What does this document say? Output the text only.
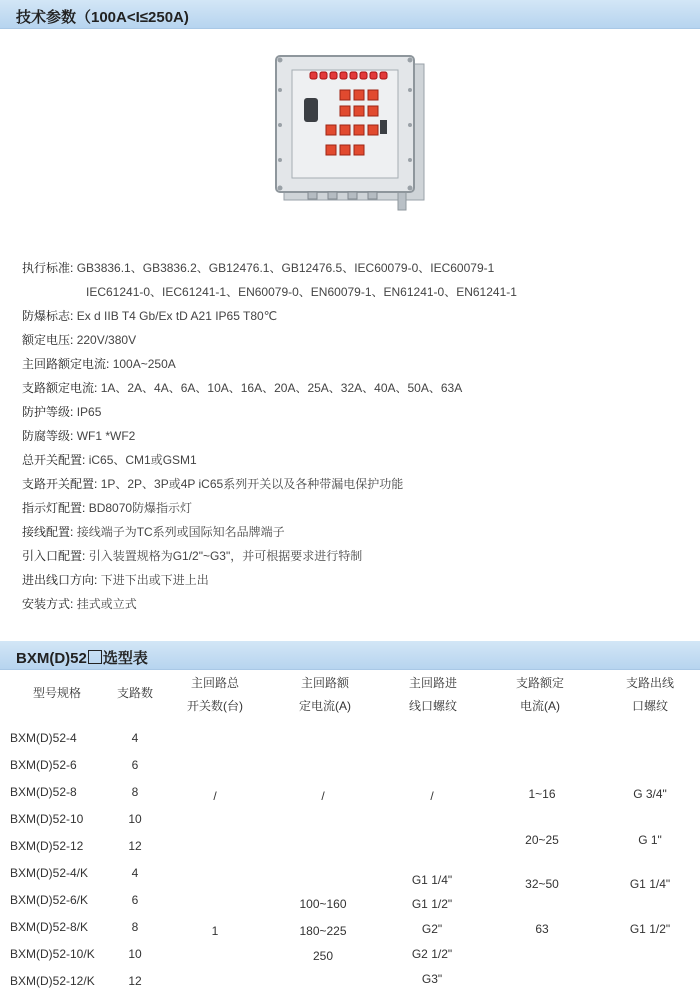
技术参数（100A<I≤250A)
执行标准: GB3836.1、GB3836.2、GB12476.1、GB12476.5、IEC60079-0、IEC60079-1
IEC61241-0、IEC61241-1、EN60079-0、EN60079-1、EN61241-0、EN61241-1
防爆标志: Ex d IIB T4 Gb/Ex tD A21 IP65 T80℃
额定电压: 220V/380V
主回路额定电流: 100A~250A
支路额定电流: 1A、2A、4A、6A、10A、16A、20A、25A、32A、40A、50A、63A
防护等级: IP65
防腐等级: WF1 *WF2
总开关配置: iC65、CM1或GSM1
支路开关配置: 1P、2P、3P或4P iC65系列开关以及各种带漏电保护功能
指示灯配置: BD8070防爆指示灯
接线配置: 接线端子为TC系列或国际知名品牌端子
引入口配置: 引入装置规格为G1/2"~G3"，并可根据要求进行特制
进出线口方向: 下进下出或下进上出
安装方式: 挂式或立式
BXM(D)52 选型表
型号规格	支路数
主回路总
开关数(台)
主回路额
定电流(A)
主回路进
线口螺纹
支路额定
电流(A)
支路出线
口螺纹
BXM(D)52-4
BXM(D)52-6
BXM(D)52-8
BXM(D)52-10
BXM(D)52-12
BXM(D)52-4/K
BXM(D)52-6/K
BXM(D)52-8/K
BXM(D)52-10/K
BXM(D)52-12/K
4
6
8
10
12
4
6
8
10
12
/
1
/
100~160
180~225
250
/
G1 1/4"
G1 1/2"
G2"
G2 1/2"
G3"
1~16
20~25
32~50
63
G 3/4"
G 1"
G1 1/4"
G1 1/2"
